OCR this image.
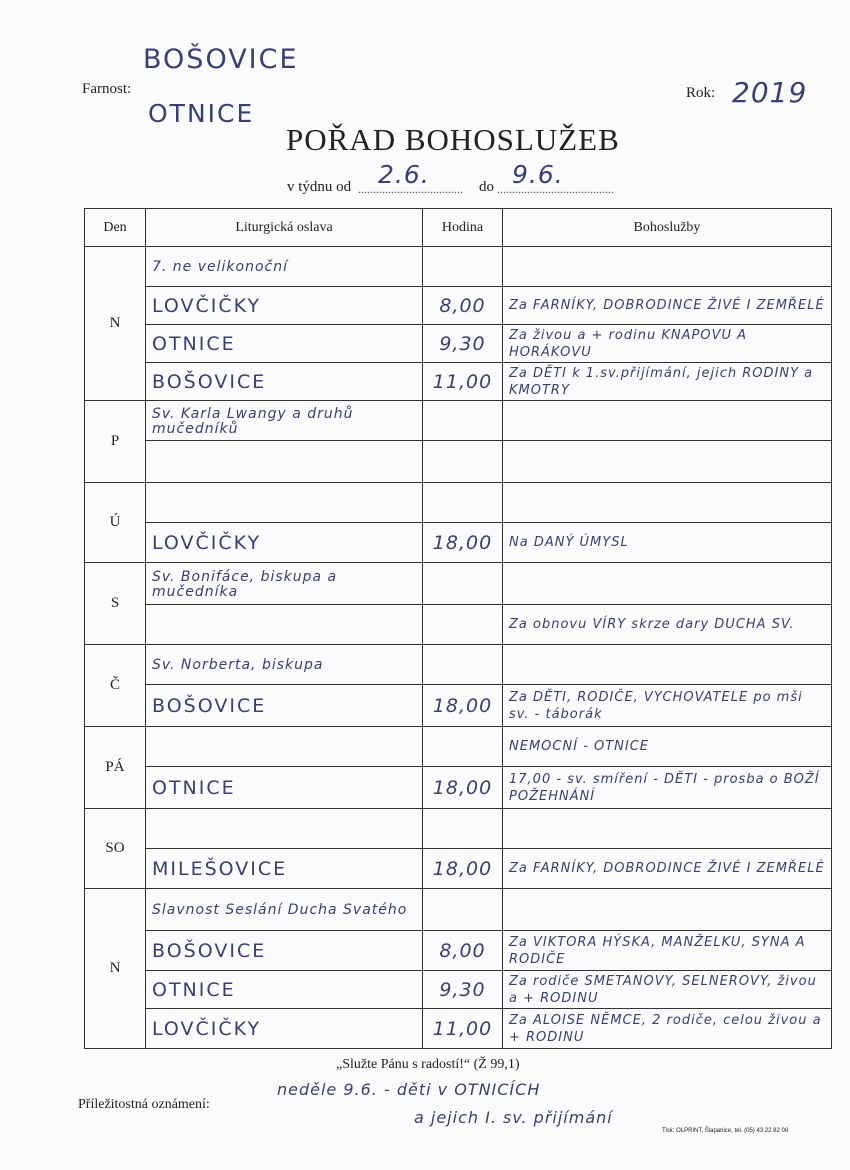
Farnost:
BOŠOVICE
OTNICE
Rok: 2019
POŘAD BOHOSLUŽEB
v týdnu od ...................................
2.6.	do .......................................
9.6.
Den	Liturgická oslava	Hodina	Bohoslužby
N	7. ne velikonoční		
	LOVČIČKY	8,00	Za FARNÍKY, DOBRODINCE ŽIVÉ I ZEMŘELÉ
	OTNICE	9,30	Za živou a + rodinu KNAPOVU A HORÁKOVU
	BOŠOVICE	11,00	Za DĚTI k 1.sv.přijímání, jejich RODINY a KMOTRY
P	Sv. Karla Lwangy a druhů mučedníků		

Ú			
	LOVČIČKY	18,00	Na DANÝ ÚMYSL
S	Sv. Bonifáce, biskupa a mučedníka		
			Za obnovu VÍRY skrze dary DUCHA SV.
Č	Sv. Norberta, biskupa		
	BOŠOVICE	18,00	Za DĚTI, RODIČE, VYCHOVATELE po mši sv. - táborák
PÁ			NEMOCNÍ - OTNICE
	OTNICE	18,00	17,00 - sv. smíření - DĚTI - prosba o BOŽÍ POŽEHNÁNÍ
SO			
	MILEŠOVICE	18,00	Za FARNÍKY, DOBRODINCE ŽIVÉ I ZEMŘELÉ
N	Slavnost Seslání Ducha Svatého		
	BOŠOVICE	8,00	Za VIKTORA HÝSKA, MANŽELKU, SYNA A RODIČE
	OTNICE	9,30	Za rodiče SMETANOVY, SELNEROVY, živou a + RODINU
	LOVČIČKY	11,00	Za ALOISE NĚMCE, 2 rodiče, celou živou a + RODINU
„Služte Pánu s radostí!“ (Ž 99,1)
Příležitostná oznámení:
neděle 9.6. - děti v OTNICÍCH
a jejich I. sv. přijímání
Tisk: OLPRINT, Šlapanice, tel. (05) 43 22 82 08
